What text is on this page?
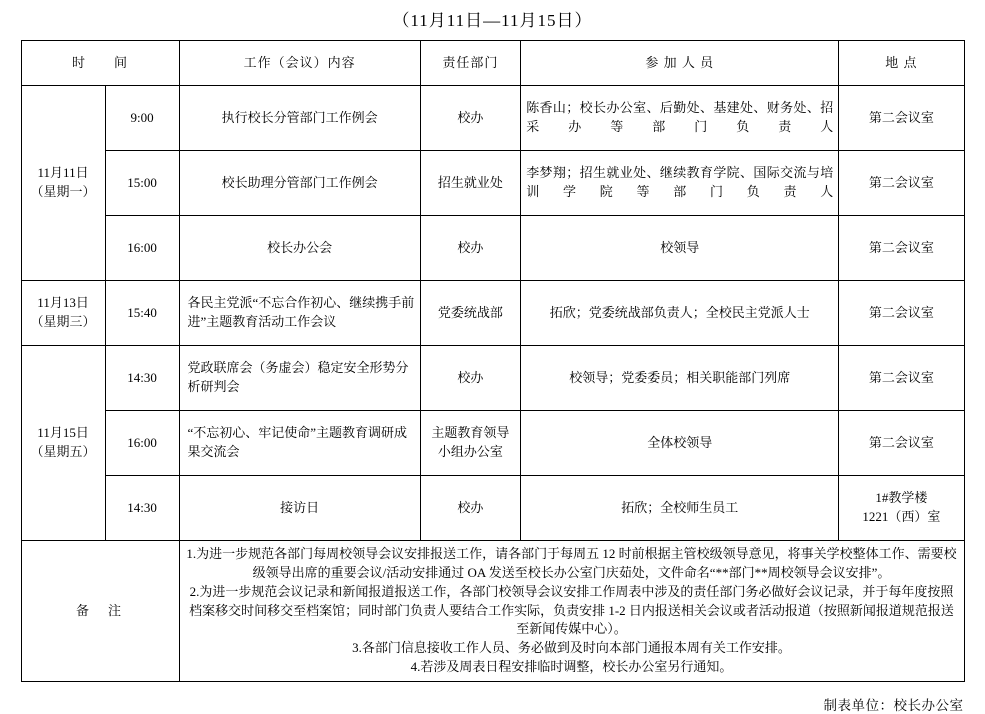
（11月11日—11月15日）
时　　间		工作（会议）内容	责任部门	参 加 人 员	地 点

11月11日
（星期一）	9:00	执行校长分管部门工作例会	校办	陈香山；校长办公室、后勤处、基建处、财务处、招采办等部门负责人	第二会议室
	15:00	校长助理分管部门工作例会	招生就业处	李梦翔；招生就业处、继续教育学院、国际交流与培训学院等部门负责人	第二会议室
	16:00	校长办公会	校办	校领导	第二会议室

11月13日
（星期三）	15:40	各民主党派“不忘合作初心、继续携手前进”主题教育活动工作会议	党委统战部	拓欣；党委统战部负责人；全校民主党派人士	第二会议室

11月15日
（星期五）	14:30	党政联席会（务虚会）稳定安全形势分析研判会	校办	校领导；党委委员；相关职能部门列席	第二会议室
	16:00	“不忘初心、牢记使命”主题教育调研成果交流会	主题教育领导
小组办公室	全体校领导	第二会议室
	14:30	接访日	校办	拓欣；全校师生员工	1#教学楼
1221（西）室

备　注		1.为进一步规范各部门每周校领导会议安排报送工作，请各部门于每周五 12 时前根据主管校级领导意见，将事关学校整体工作、需要校级领导出席的重要会议/活动安排通过 OA 发送至校长办公室门庆茹处，文件命名“**部门**周校领导会议安排”。

2.为进一步规范会议记录和新闻报道报送工作，各部门校领导会议安排工作周表中涉及的责任部门务必做好会议记录，并于每年度按照档案移交时间移交至档案馆；同时部门负责人要结合工作实际，负责安排 1-2 日内报送相关会议或者活动报道（按照新闻报道规范报送至新闻传媒中心）。

3.各部门信息接收工作人员、务必做到及时向本部门通报本周有关工作安排。

4.若涉及周表日程安排临时调整，校长办公室另行通知。			

制表单位：校长办公室
